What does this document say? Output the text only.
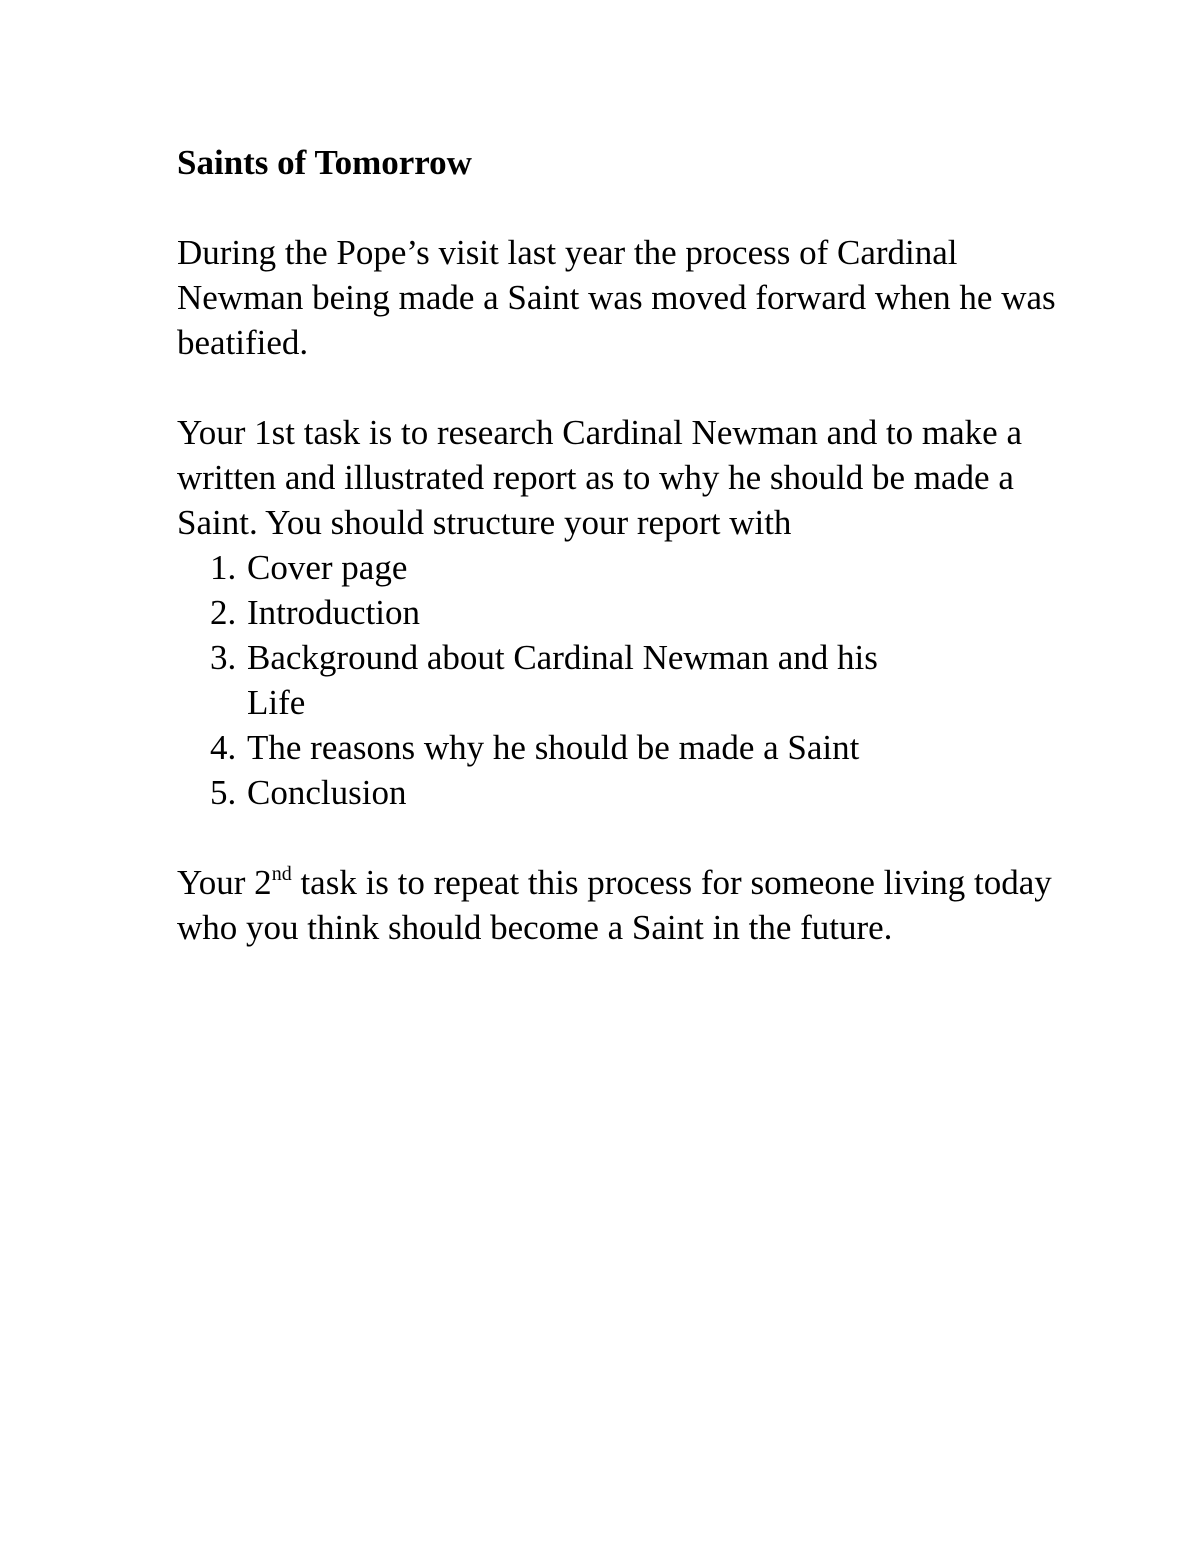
Saints of Tomorrow

During the Pope’s visit last year the process of Cardinal Newman being made a Saint was moved forward when he was beatified.

Your 1st task is to research Cardinal Newman and to make a written and illustrated report as to why he should be made a Saint. You should structure your report with

1. Cover page
2. Introduction
3. Background about Cardinal Newman and his Life
4. The reasons why he should be made a Saint
5. Conclusion

Your 2nd task is to repeat this process for someone living today who you think should become a Saint in the future.
